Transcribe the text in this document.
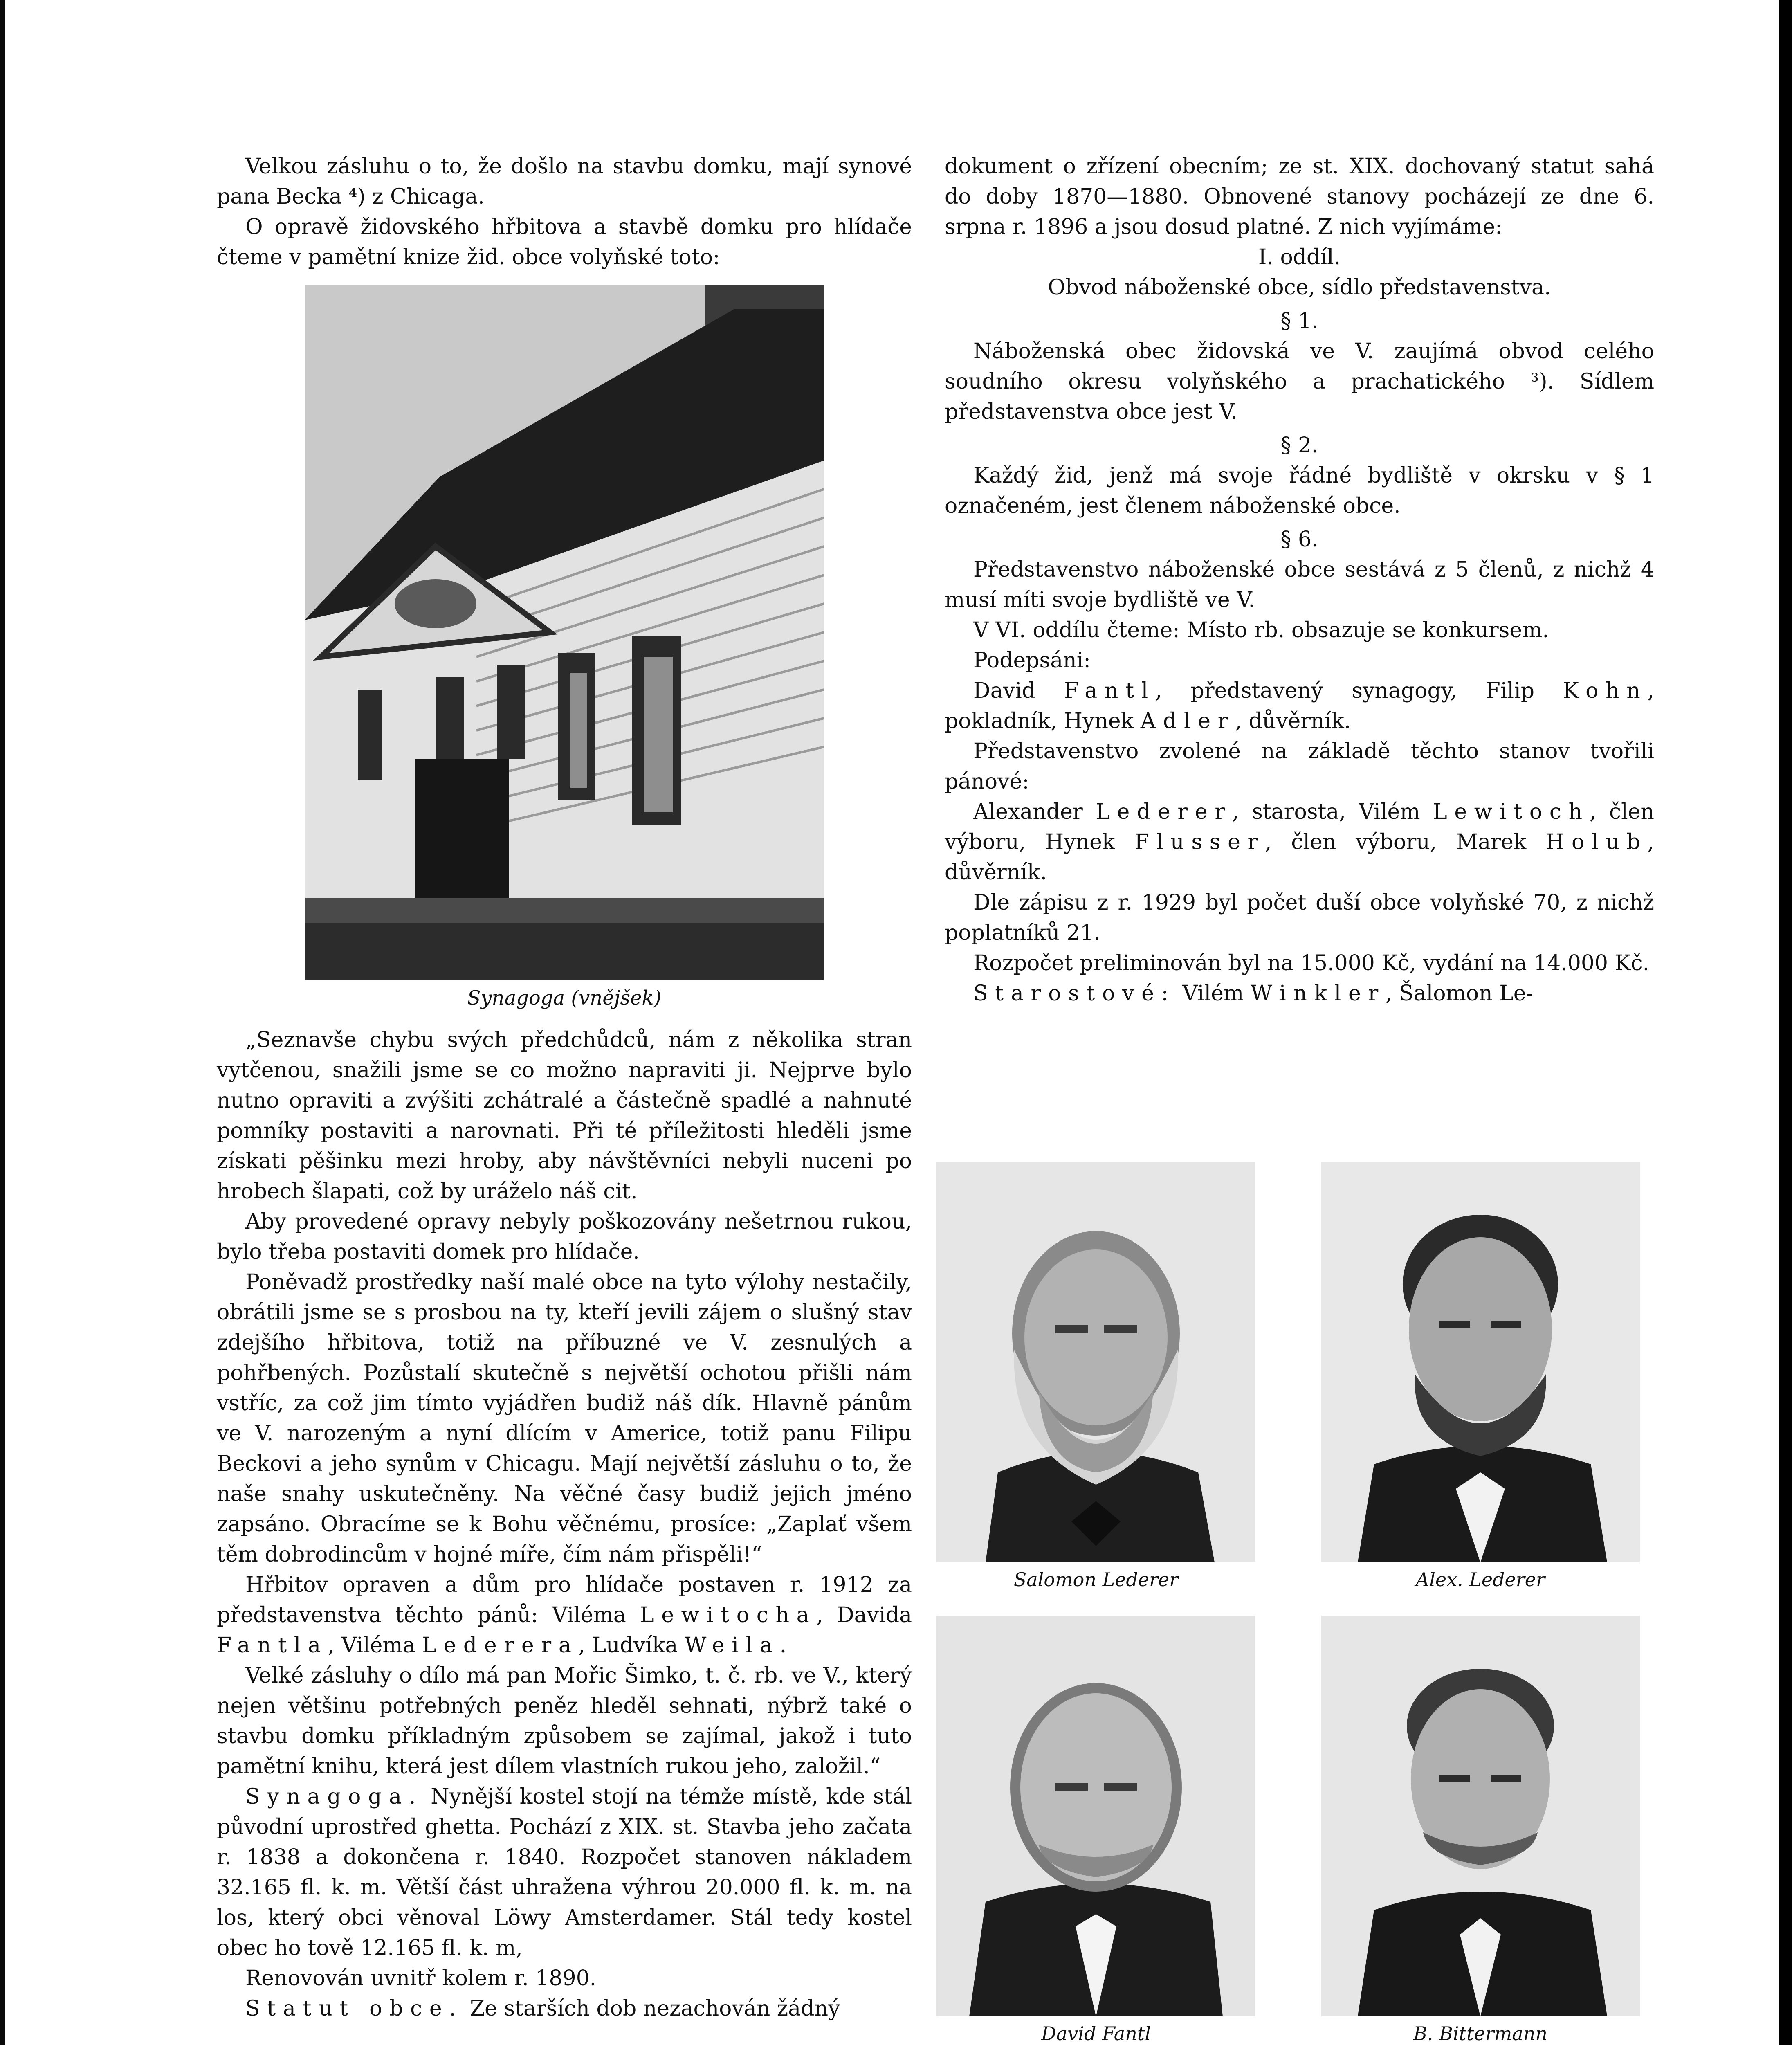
Velkou zásluhu o to, že došlo na stavbu domku, mají synové pana Becka ⁴) z Chicaga.

O opravě židovského hřbitova a stavbě domku pro hlídače čteme v pamětní knize žid. obce volyňské toto:

Synagoga (vnějšek)

„Seznavše chybu svých předchůdců, nám z několika stran vytčenou, snažili jsme se co možno napraviti ji. Nejprve bylo nutno opraviti a zvýšiti zchátralé a částečně spadlé a nahnuté pomníky postaviti a narovnati. Při té příležitosti hleděli jsme získati pěšinku mezi hroby, aby návštěvníci nebyli nuceni po hrobech šlapati, což by uráželo náš cit.

Aby provedené opravy nebyly poškozovány nešetrnou rukou, bylo třeba postaviti domek pro hlídače.

Poněvadž prostředky naší malé obce na tyto výlohy nestačily, obrátili jsme se s prosbou na ty, kteří jevili zájem o slušný stav zdejšího hřbitova, totiž na příbuzné ve V. zesnulých a pohřbených. Pozůstalí skutečně s největší ochotou přišli nám vstříc, za což jim tímto vyjádřen budiž náš dík. Hlavně pánům ve V. narozeným a nyní dlícím v Americe, totiž panu Filipu Beckovi a jeho synům v Chicagu. Mají největší zásluhu o to, že naše snahy uskutečněny. Na věčné časy budiž jejich jméno zapsáno. Obracíme se k Bohu věčnému, prosíce: „Zaplať všem těm dobrodincům v hojné míře, čím nám přispěli!“

Hřbitov opraven a dům pro hlídače postaven r. 1912 za představenstva těchto pánů: Viléma Lewitocha, Davida Fantla, Viléma Lederera, Ludvíka Weila.

Velké zásluhy o dílo má pan Mořic Šimko, t. č. rb. ve V., který nejen většinu potřebných peněz hleděl sehnati, nýbrž také o stavbu domku příkladným způsobem se zajímal, jakož i tuto pamětní knihu, která jest dílem vlastních rukou jeho, založil.“

Synagoga. Nynější kostel stojí na témže místě, kde stál původní uprostřed ghetta. Pochází z XIX. st. Stavba jeho začata r. 1838 a dokončena r. 1840. Rozpočet stanoven nákladem 32.165 fl. k. m. Větší část uhražena výhrou 20.000 fl. k. m. na los, který obci věnoval Löwy Amsterdamer. Stál tedy kostel obec ho tově 12.165 fl. k. m,

Renovován uvnitř kolem r. 1890.

Statut obce. Ze starších dob nezachován žádný

dokument o zřízení obecním; ze st. XIX. dochovaný statut sahá do doby 1870—1880. Obnovené stanovy pocházejí ze dne 6. srpna r. 1896 a jsou dosud platné. Z nich vyjímáme:

I. oddíl.

Obvod náboženské obce, sídlo představenstva.

§ 1.

Náboženská obec židovská ve V. zaujímá obvod celého soudního okresu volyňského a prachatického ³). Sídlem představenstva obce jest V.

§ 2.

Každý žid, jenž má svoje řádné bydliště v okrsku v § 1 označeném, jest členem náboženské obce.

§ 6.

Představenstvo náboženské obce sestává z 5 členů, z nichž 4 musí míti svoje bydliště ve V.

V VI. oddílu čteme: Místo rb. obsazuje se konkursem.

Podepsáni:

David Fantl, představený synagogy, Filip Kohn, pokladník, Hynek Adler, důvěrník.

Představenstvo zvolené na základě těchto stanov tvořili pánové:

Alexander Lederer, starosta, Vilém Lewitoch, člen výboru, Hynek Flusser, člen výboru, Marek Holub, důvěrník.

Dle zápisu z r. 1929 byl počet duší obce volyňské 70, z nichž poplatníků 21.

Rozpočet preliminován byl na 15.000 Kč, vydání na 14.000 Kč.

Starostové: Vilém Winkler, Šalomon Le-

Salomon Lederer	Alex. Lederer
David Fantl	B. Bittermann
